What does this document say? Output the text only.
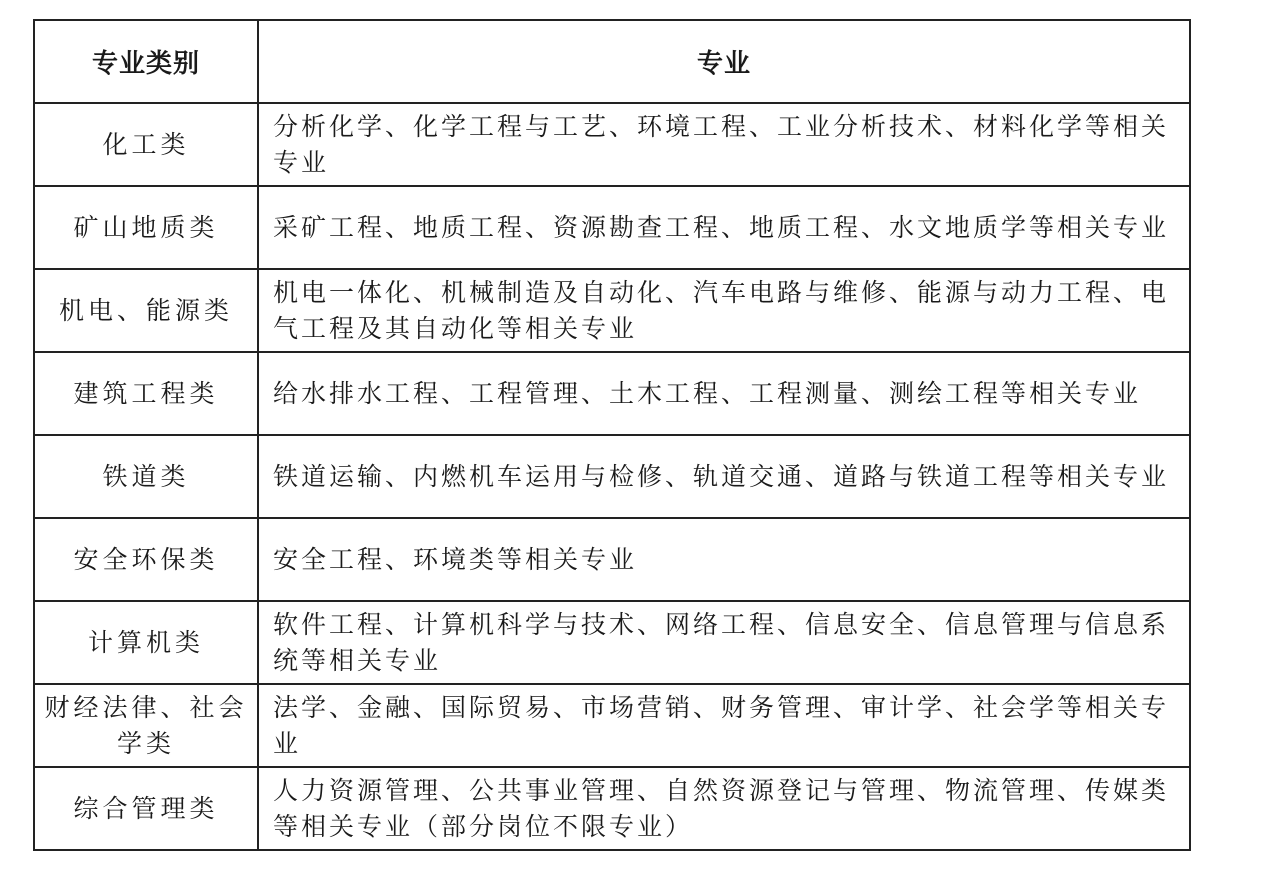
专业类别	专业
化工类	分析化学、化学工程与工艺、环境工程、工业分析技术、材料化学等相关专业
矿山地质类	采矿工程、地质工程、资源勘查工程、地质工程、水文地质学等相关专业
机电、能源类	机电一体化、机械制造及自动化、汽车电路与维修、能源与动力工程、电气工程及其自动化等相关专业
建筑工程类	给水排水工程、工程管理、土木工程、工程测量、测绘工程等相关专业
铁道类	铁道运输、内燃机车运用与检修、轨道交通、道路与铁道工程等相关专业
安全环保类	安全工程、环境类等相关专业
计算机类	软件工程、计算机科学与技术、网络工程、信息安全、信息管理与信息系统等相关专业
财经法律、社会学类	法学、金融、国际贸易、市场营销、财务管理、审计学、社会学等相关专业
综合管理类	人力资源管理、公共事业管理、自然资源登记与管理、物流管理、传媒类等相关专业（部分岗位不限专业）
